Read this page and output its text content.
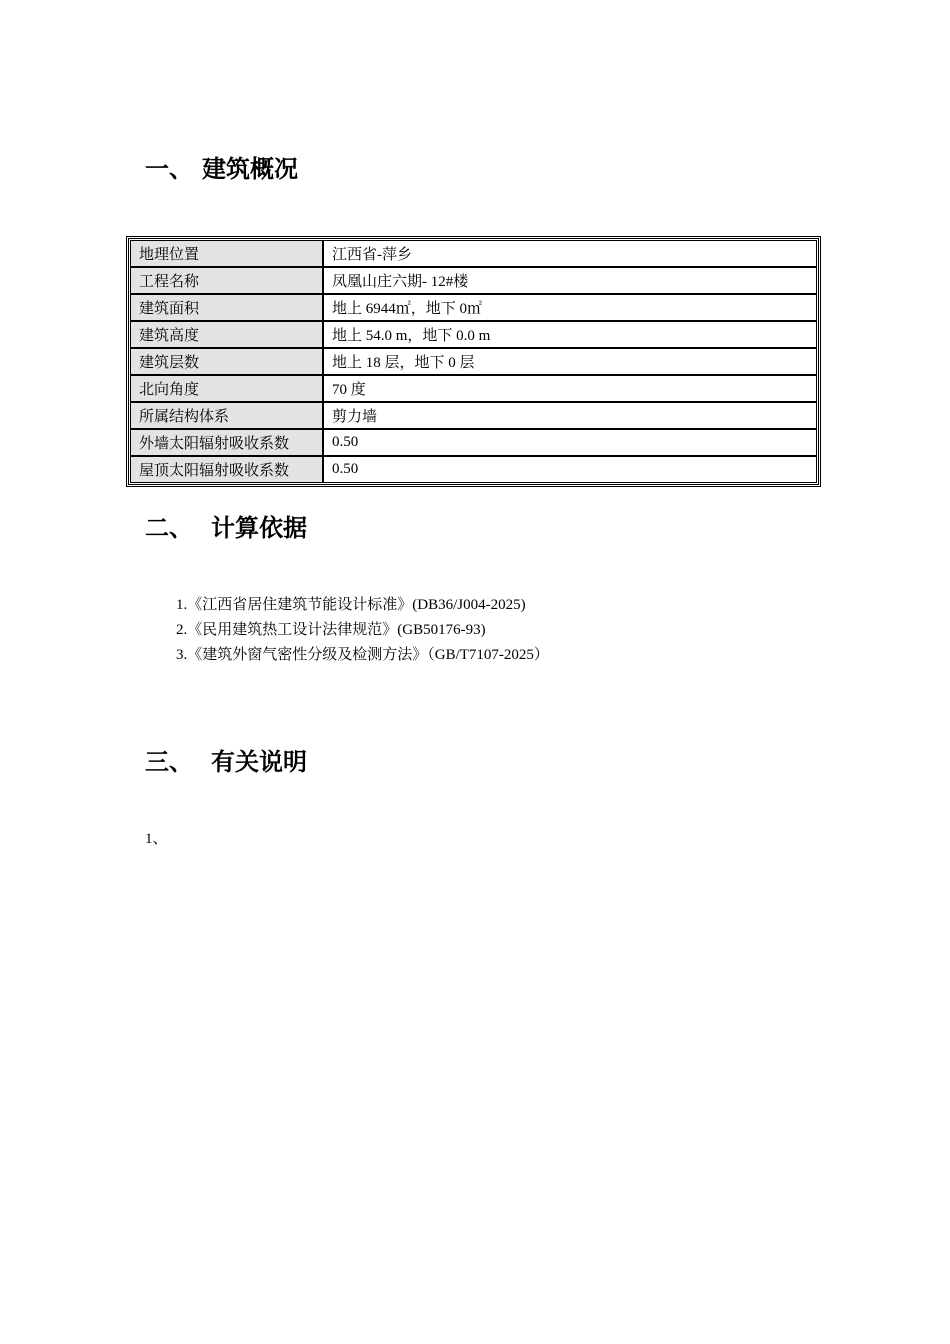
一、 建筑概况
地理位置	江西省-萍乡
工程名称	凤凰山庄六期- 12#楼
建筑面积	地上 6944㎡，地下 0㎡
建筑高度	地上 54.0 m，地下 0.0 m
建筑层数	地上 18 层，地下 0 层
北向角度	70 度
所属结构体系	剪力墙
外墙太阳辐射吸收系数	0.50
屋顶太阳辐射吸收系数	0.50
二、 计算依据
1.《江西省居住建筑节能设计标准》(DB36/J004-2025)
2.《民用建筑热工设计法律规范》(GB50176-93)
3.《建筑外窗气密性分级及检测方法》（GB/T7107-2025）
三、 有关说明
1、
